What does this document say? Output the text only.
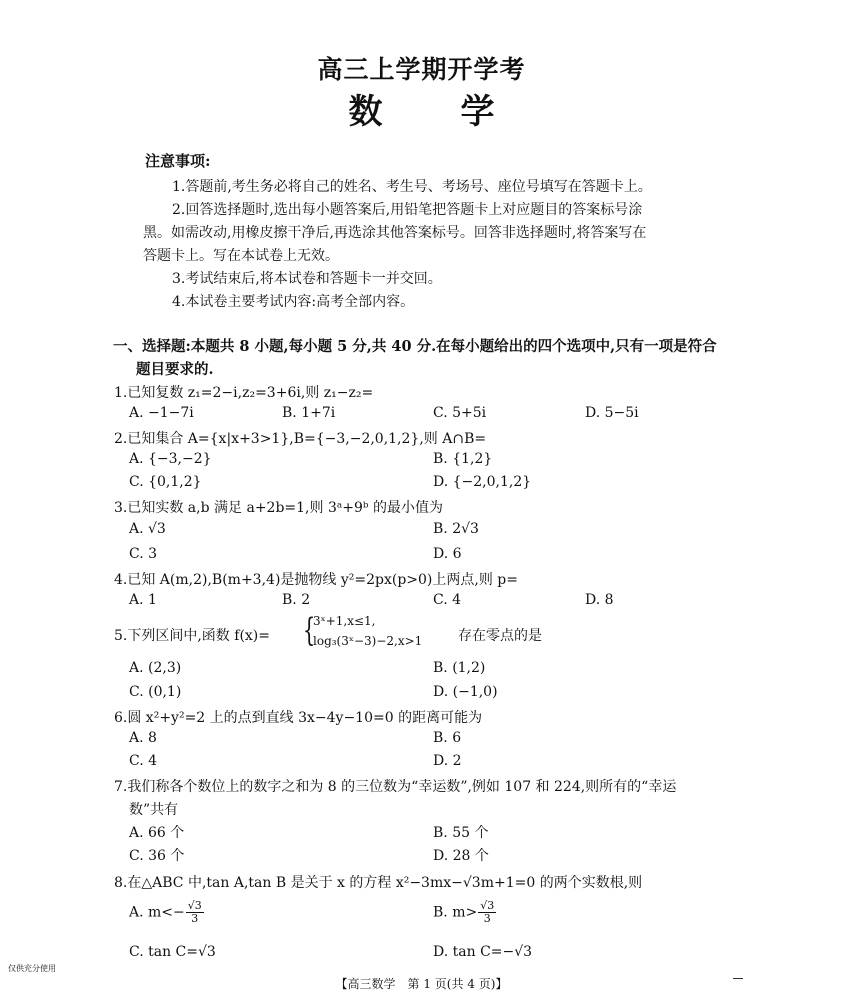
高三上学期开学考
数学
注意事项:
1.答题前,考生务必将自己的姓名、考生号、考场号、座位号填写在答题卡上。
2.回答选择题时,选出每小题答案后,用铅笔把答题卡上对应题目的答案标号涂
黑。如需改动,用橡皮擦干净后,再选涂其他答案标号。回答非选择题时,将答案写在
答题卡上。写在本试卷上无效。
3.考试结束后,将本试卷和答题卡一并交回。
4.本试卷主要考试内容:高考全部内容。
一、选择题:本题共 8 小题,每小题 5 分,共 40 分.在每小题给出的四个选项中,只有一项是符合
题目要求的.
1.已知复数 z₁=2−i,z₂=3+6i,则 z₁−z₂=
A. −1−7i	B. 1+7i	C. 5+5i	D. 5−5i
2.已知集合 A={x|x+3>1},B={−3,−2,0,1,2},则 A∩B=
A. {−3,−2}	B. {1,2}
C. {0,1,2}	D. {−2,0,1,2}
3.已知实数 a,b 满足 a+2b=1,则 3ᵃ+9ᵇ 的最小值为
A. √3	B. 2√3
C. 3	D. 6
4.已知 A(m,2),B(m+3,4)是抛物线 y²=2px(p>0)上两点,则 p=
A. 1	B. 2	C. 4	D. 8
5.下列区间中,函数 f(x)= {
3ˣ+1,x≤1,
log₃(3ˣ−3)−2,x>1	存在零点的是
A. (2,3)	B. (1,2)
C. (0,1)	D. (−1,0)
6.圆 x²+y²=2 上的点到直线 3x−4y−10=0 的距离可能为
A. 8	B. 6
C. 4	D. 2
7.我们称各个数位上的数字之和为 8 的三位数为“幸运数”,例如 107 和 224,则所有的“幸运
数”共有
A. 66 个	B. 55 个
C. 36 个	D. 28 个
8.在△ABC 中,tan A,tan B 是关于 x 的方程 x²−3mx−√3m+1=0 的两个实数根,则
A. $m<- \frac{√3}{3}$	B. $m> \frac{√3}{3}$
C. tan C=√3	D. tan C=−√3
仅供充分使用
【高三数学　第 1 页(共 4 页)】
